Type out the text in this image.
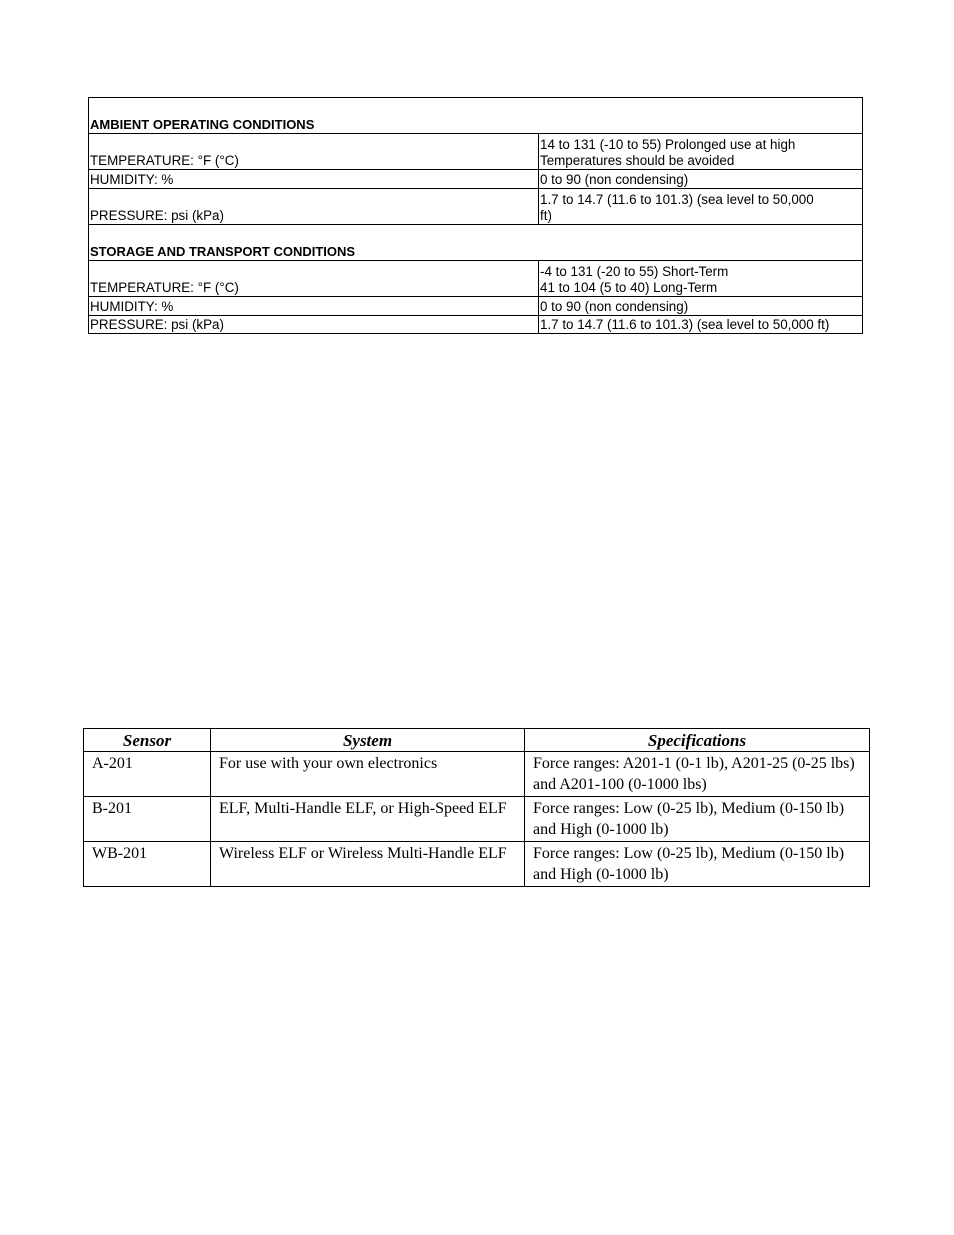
AMBIENT OPERATING CONDITIONS	
TEMPERATURE: °F (°C)	14 to 131 (-10 to 55) Prolonged use at high
Temperatures should be avoided
HUMIDITY: %	0 to 90 (non condensing)
PRESSURE: psi (kPa)	1.7 to 14.7 (11.6 to 101.3) (sea level to 50,000
ft)
STORAGE AND TRANSPORT CONDITIONS	
TEMPERATURE: °F (°C)	-4 to 131 (-20 to 55) Short-Term
41 to 104 (5 to 40) Long-Term
HUMIDITY: %	0 to 90 (non condensing)
PRESSURE: psi (kPa)	1.7 to 14.7 (11.6 to 101.3) (sea level to 50,000 ft)
Sensor	System	Specifications
A-201	For use with your own electronics	Force ranges: A201-1 (0-1 lb), A201-25 (0-25 lbs) and A201-100 (0-1000 lbs)
B-201	ELF, Multi-Handle ELF, or High-Speed ELF	Force ranges: Low (0-25 lb), Medium (0-150 lb) and High (0-1000 lb)
WB-201	Wireless ELF or Wireless Multi-Handle ELF	Force ranges: Low (0-25 lb), Medium (0-150 lb) and High (0-1000 lb)
